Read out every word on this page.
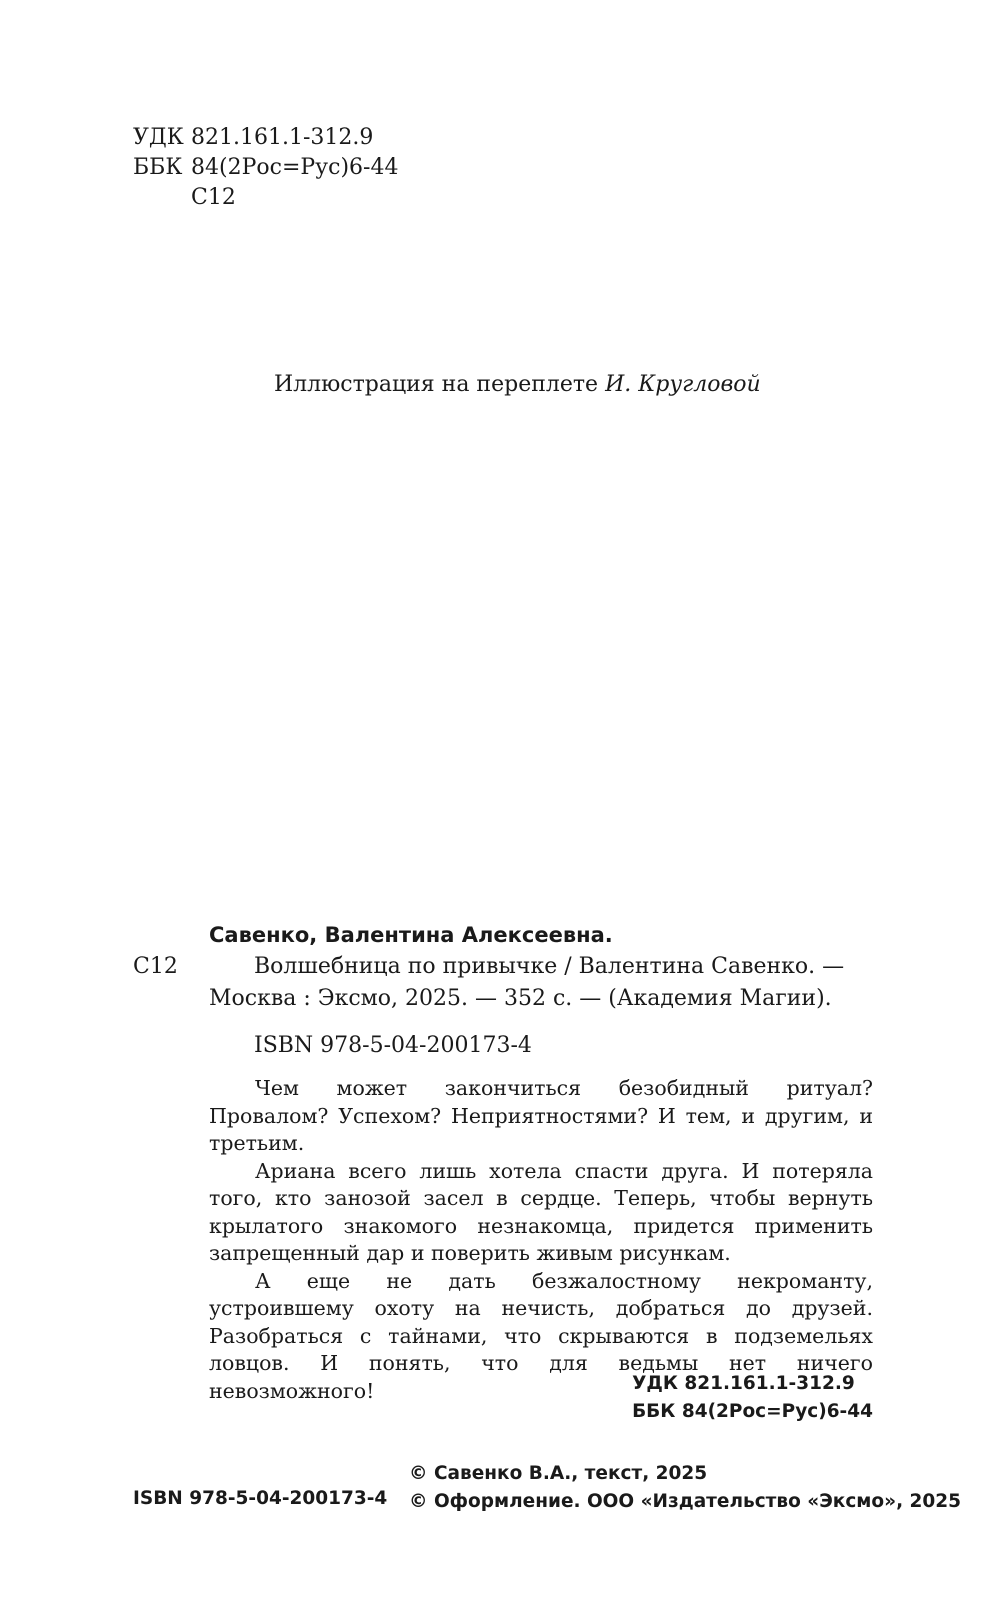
УДК 821.161.1-312.9
ББК 84(2Рос=Рус)6-44
С12
Иллюстрация на переплете И. Кругловой
Савенко, Валентина Алексеевна.
С12	Волшебница по привычке / Валентина Савенко. —
Москва : Эксмо, 2025. — 352 с. — (Академия Магии).
ISBN 978-5-04-200173-4

Чем может закончиться безобидный ритуал? Провалом? Успехом? Неприятностями? И тем, и другим, и третьим.

Ариана всего лишь хотела спасти друга. И потеряла того, кто занозой засел в сердце. Теперь, чтобы вернуть крылатого знакомого незнакомца, придется применить запрещенный дар и поверить живым рисункам.

А еще не дать безжалостному некроманту, устроившему охоту на нечисть, добраться до друзей. Разобраться с тайнами, что скрываются в подземельях ловцов. И понять, что для ведьмы нет ничего невозможного!	УДК 821.161.1-312.9
ББК 84(2Рос=Рус)6-44
ISBN 978-5-04-200173-4
© Савенко В.А., текст, 2025
© Оформление. ООО «Издательство «Эксмо», 2025
